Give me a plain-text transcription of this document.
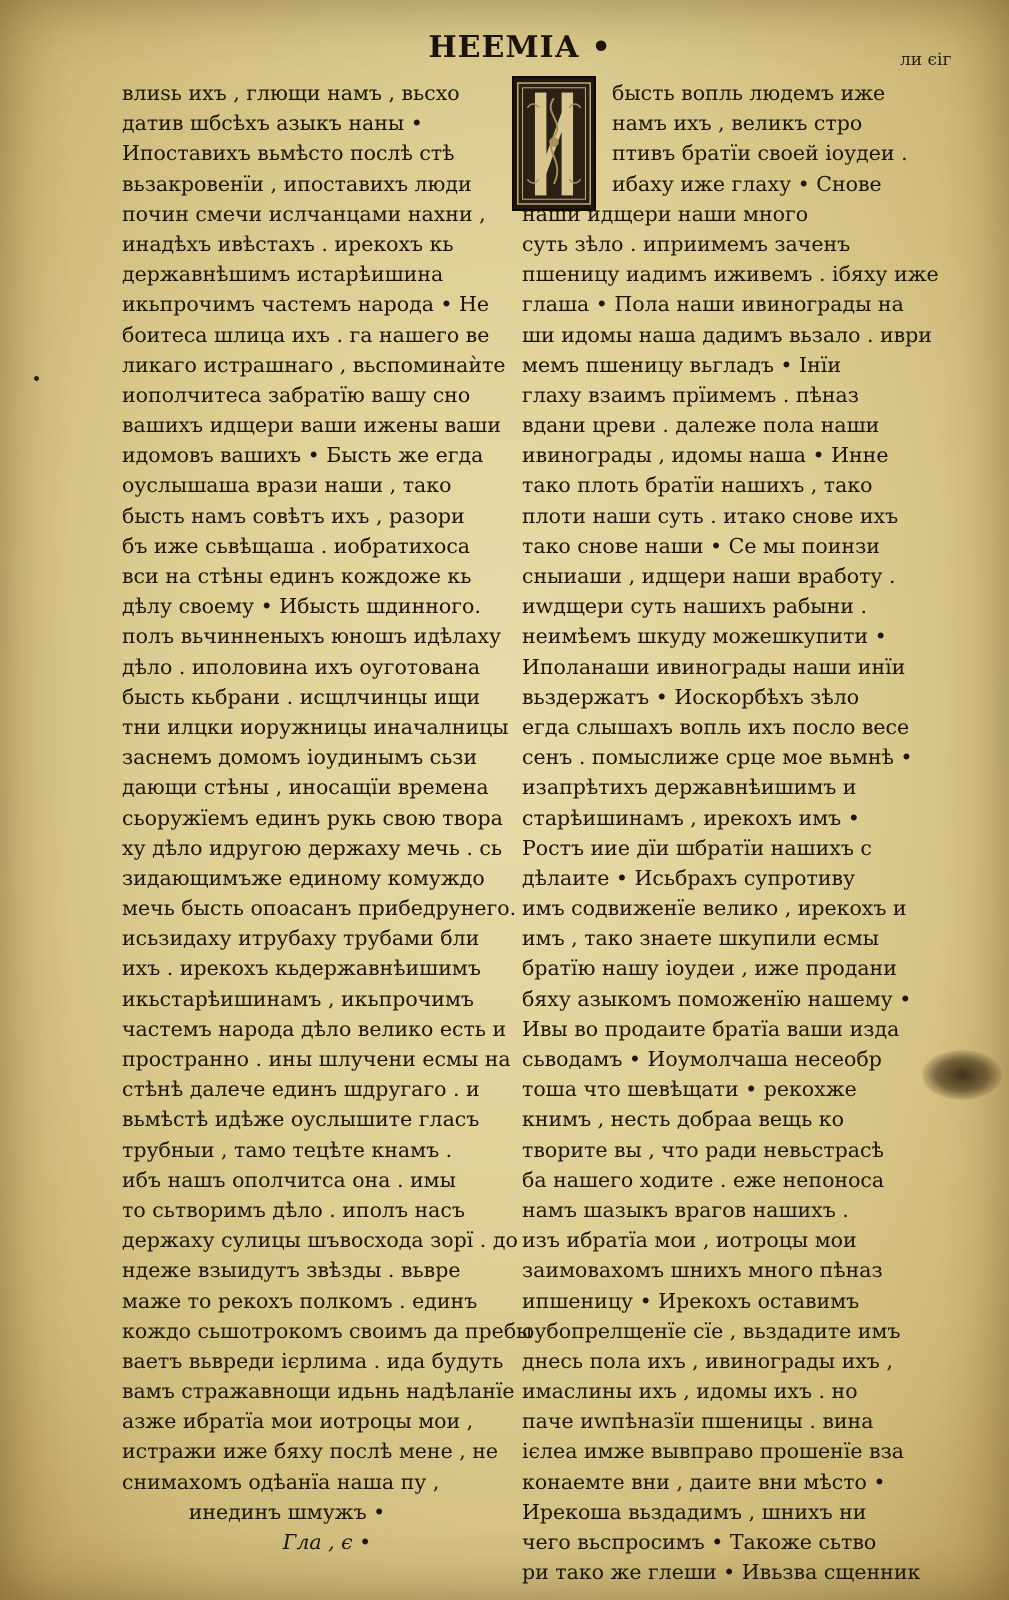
НЕЕМІА •	ли єіг
влиѕь ихъ , глющи намъ , вьсхо
датив шбсѣхъ азыкъ наны •
Ипоставихъ вьмѣсто послѣ стѣ
вьзакровенїи , ипоставихъ люди
почин смечи ислчанцами нахни ,
инадѣхъ ивѣстахъ . ирекохъ кь
державнѣшимъ истарѣишина
икьпрочимъ частемъ народа • Не
боитеса шлица ихъ . га нашего ве
ликаго истрашнаго , вьспоминаѝте
иополчитеса забратїю вашу сно
вашихъ идщери ваши ижены ваши
идомовъ вашихъ • Бысть же егда
оуслышаша врази наши , тако
бысть намъ совѣтъ ихъ , разори
бъ иже сьвѣщаша . иобратихоса
вси на стѣны единъ кождоже кь
дѣлу своему • Ибысть шдинного.
полъ вьчинненыхъ юношъ идѣлаху
дѣло . иполовина ихъ оуготована
бысть кьбрани . исщлчинцы ищи
тни илцки иоружницы иначалницы
заснемъ домомъ іоудинымъ сьзи
дающи стѣны , иносащїи времена
сьоружїемъ единъ рукь свою твора
ху дѣло идругою держаху мечь . сь
зидающимъже единому комуждо
мечь бысть опоасанъ прибедрунего.
исьзидаху итрубаху трубами бли
ихъ . ирекохъ кьдержавнѣишимъ
икьстарѣишинамъ , икьпрочимъ
частемъ народа дѣло велико есть и
пространно . ины шлучени есмы на
стѣнѣ далече единъ шдругаго . и
вьмѣстѣ идѣже оуслышите гласъ
трубныи , тамо тецѣте кнамъ .
ибъ нашъ ополчитса она . имы
то сьтворимъ дѣло . иполъ насъ
держаху сулицы шъвосхода зорї . до
ндеже взыидутъ звѣзды . вьвре
маже то рекохъ полкомъ . единъ
кождо сьшотрокомъ своимъ да пребы
ваетъ вьвреди ієрлима . ида будуть
вамъ стражавнощи идьнь надѣланїе
азже ибратїа мои иотроцы мои ,
истражи иже бяху послѣ мене , не
снимахомъ одѣанїа наша пу ,
инединъ шмужъ •
Гла , є •
бысть вопль людемъ иже
намъ ихъ , великъ стро
птивъ братїи своей іоудеи .
ибаху иже глаху • Снове
наши идщери наши много
суть зѣло . иприимемъ заченъ
пшеницу иадимъ иживемъ . ібяху иже
глаша • Пола наши ивинограды на
ши идомы наша дадимъ вьзало . иври
мемъ пшеницу вьгладъ • Інїи
глаху взаимъ прїимемъ . пѣназ
вдани цреви . далеже пола наши
ивинограды , идомы наша • Инне
тако плоть братїи нашихъ , тако
плоти наши суть . итако снове ихъ
тако снове наши • Се мы поинзи
сныиаши , идщери наши вработу .
иwдщери суть нашихъ рабыни .
неимѣемъ шкуду можешкупити •
Иполанаши ивинограды наши инїи
вьздержатъ • Иоскорбѣхъ зѣло
егда слышахъ вопль ихъ посло весе
сенъ . помыслиже срце мое вьмнѣ •
изапрѣтихъ державнѣишимъ и
старѣишинамъ , ирекохъ имъ •
Ростъ иие дїи шбратїи нашихъ с
дѣлаите • Исьбрахъ супротиву
имъ содвиженїе велико , ирекохъ и
имъ , тако знаете шкупили есмы
братїю нашу іоудеи , иже продани
бяху азыкомъ поможенїю нашему •
Ивы во продаите братїа ваши изда
сьводамъ • Иоумолчаша несеобр
тоша что шевѣщати • рекохже
книмъ , несть добраа вещь ко
творите вы , что ради невьстрасѣ
ба нашего ходите . еже непоноса
намъ шазыкъ врагов нашихъ .
изъ ибратїа мои , иотроцы мои
заимовахомъ шнихъ много пѣназ
ипшеницу • Ирекохъ оставимъ
оубопрелщенїе сїе , вьздадите имъ
днесь пола ихъ , ивинограды ихъ ,
имаслины ихъ , идомы ихъ . но
паче иwпѣназїи пшеницы . вина
ієлеа имже вывправо прошенїе вза
конаемте вни , даите вни мѣсто •
Ирекоша вьздадимъ , шнихъ ни
чего вьспросимъ • Такоже сьтво
ри тако же глеши • Ивьзва сщенник
